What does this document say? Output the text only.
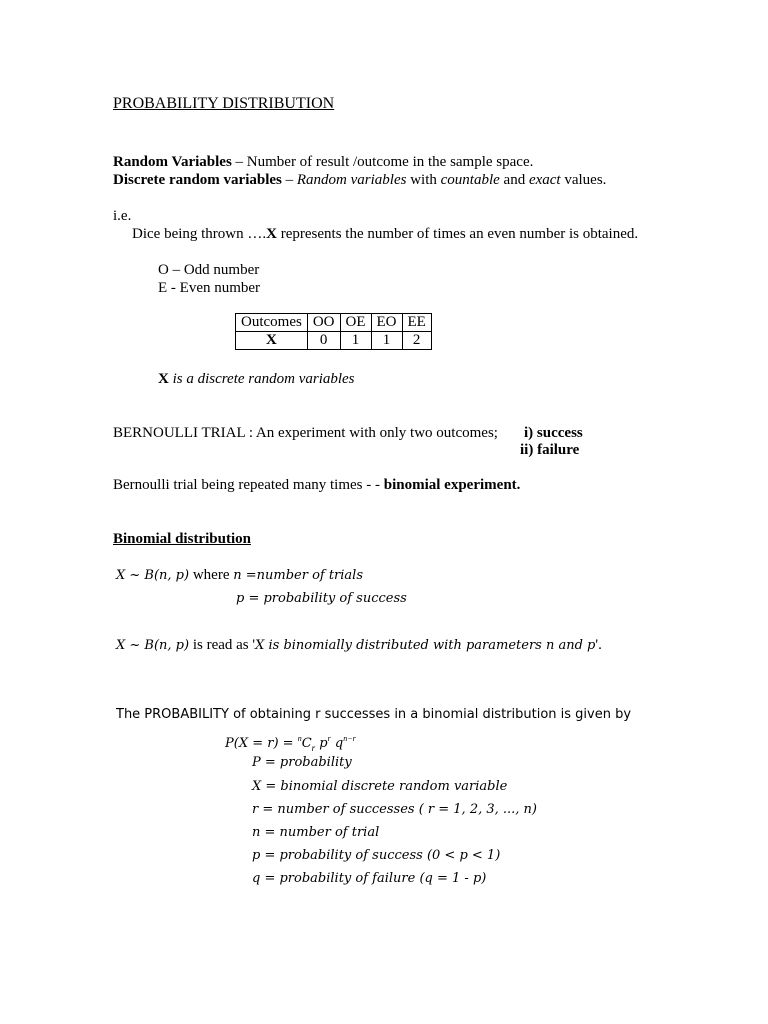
PROBABILITY DISTRIBUTION
Random Variables – Number of result /outcome in the sample space.
Discrete random variables – Random variables with countable and exact values.
i.e.
Dice being thrown ….X represents the number of times an even number is obtained.
O – Odd number
E - Even number
Outcomes	OO	OE	EO	EE
X	0	1	1	2
X is a discrete random variables
BERNOULLI TRIAL : An experiment with only two outcomes; i) success
ii) failure
Bernoulli trial being repeated many times - - binomial experiment.
Binomial distribution
X ~ B(n, p) where n =number of trials
p = probability of success
X ~ B(n, p) is read as 'X is binomially distributed with parameters n and p'.
The PROBABILITY of obtaining r successes in a binomial distribution is given by
$P(X = r) = ^nC_r$ $p^r$ $q^{n-r}$
P = probability
X = binomial discrete random variable
r = number of successes ( r = 1, 2, 3, ..., n)
n = number of trial
p = probability of success (0 < p < 1)
q = probability of failure (q = 1 - p)
